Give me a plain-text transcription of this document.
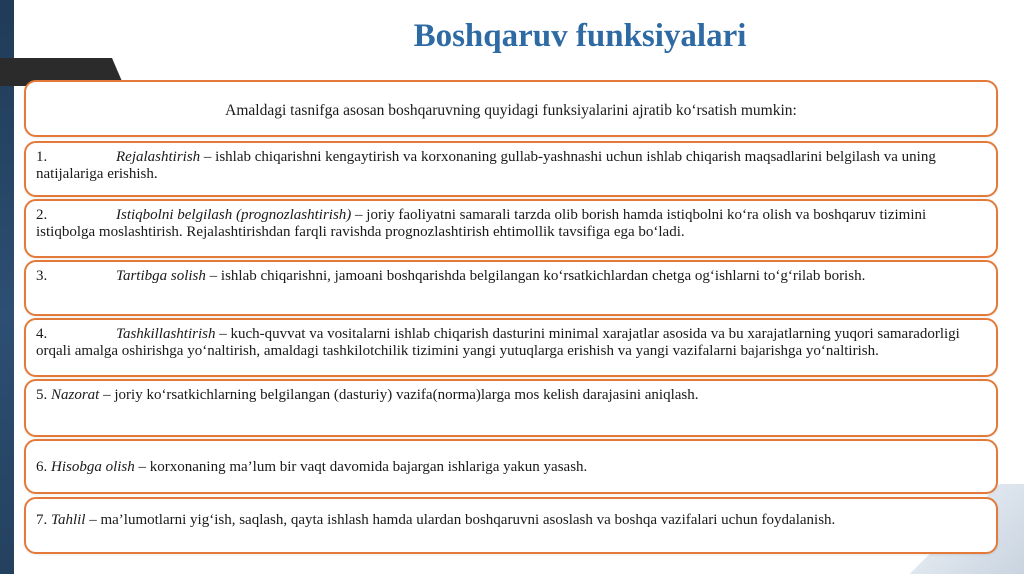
Boshqaruv funksiyalari

Amaldagi tasnifga asosan boshqaruvning quyidagi funksiyalarini ajratib ko‘rsatish mumkin:

1.	Rejalashtirish – ishlab chiqarishni kengaytirish va korxonaning gullab-yashnashi uchun ishlab chiqarish maqsadlarini belgilash va uning natijalariga erishish.

2.	Istiqbolni belgilash (prognozlashtirish) – joriy faoliyatni samarali tarzda olib borish hamda istiqbolni ko‘ra olish va boshqaruv tizimini istiqbolga moslashtirish. Rejalashtirishdan farqli ravishda prognozlashtirish ehtimollik tavsifiga ega bo‘ladi.

3.	Tartibga solish – ishlab chiqarishni, jamoani boshqarishda belgilangan ko‘rsatkichlardan chetga og‘ishlarni to‘g‘rilab borish.

4.	Tashkillashtirish – kuch-quvvat va vositalarni ishlab chiqarish dasturini minimal xarajatlar asosida va bu xarajatlarning yuqori samaradorligi orqali amalga oshirishga yo‘naltirish, amaldagi tashkilotchilik tizimini yangi yutuqlarga erishish va yangi vazifalarni bajarishga yo‘naltirish.

5. Nazorat – joriy ko‘rsatkichlarning belgilangan (dasturiy) vazifa(norma)larga mos kelish darajasini aniqlash.

6. Hisobga olish – korxonaning ma’lum bir vaqt davomida bajargan ishlariga yakun yasash.

7. Tahlil – ma’lumotlarni yig‘ish, saqlash, qayta ishlash hamda ulardan boshqaruvni asoslash va boshqa vazifalari uchun foydalanish.
